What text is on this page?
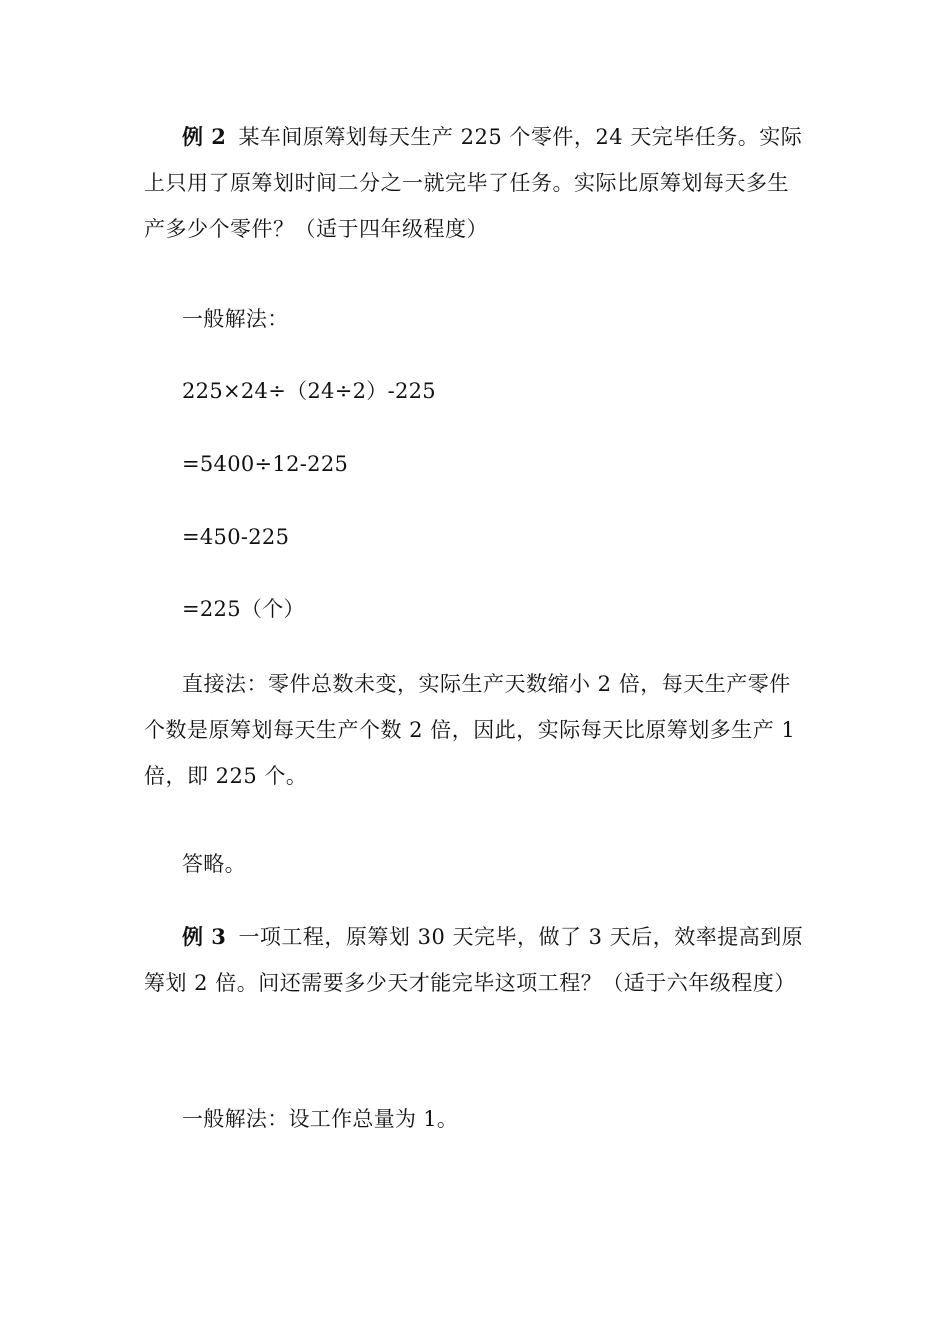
例 2 某车间原筹划每天生产 225 个零件，24 天完毕任务。实际上只用了原筹划时间二分之一就完毕了任务。实际比原筹划每天多生产多少个零件？（适于四年级程度）

一般解法：

225×24÷（24÷2）-225

=5400÷12-225

=450-225

=225（个）

直接法：零件总数未变，实际生产天数缩小 2 倍，每天生产零件个数是原筹划每天生产个数 2 倍，因此，实际每天比原筹划多生产 1 倍，即 225 个。

答略。

例 3 一项工程，原筹划 30 天完毕，做了 3 天后，效率提高到原筹划 2 倍。问还需要多少天才能完毕这项工程？（适于六年级程度）

一般解法：设工作总量为 1。
